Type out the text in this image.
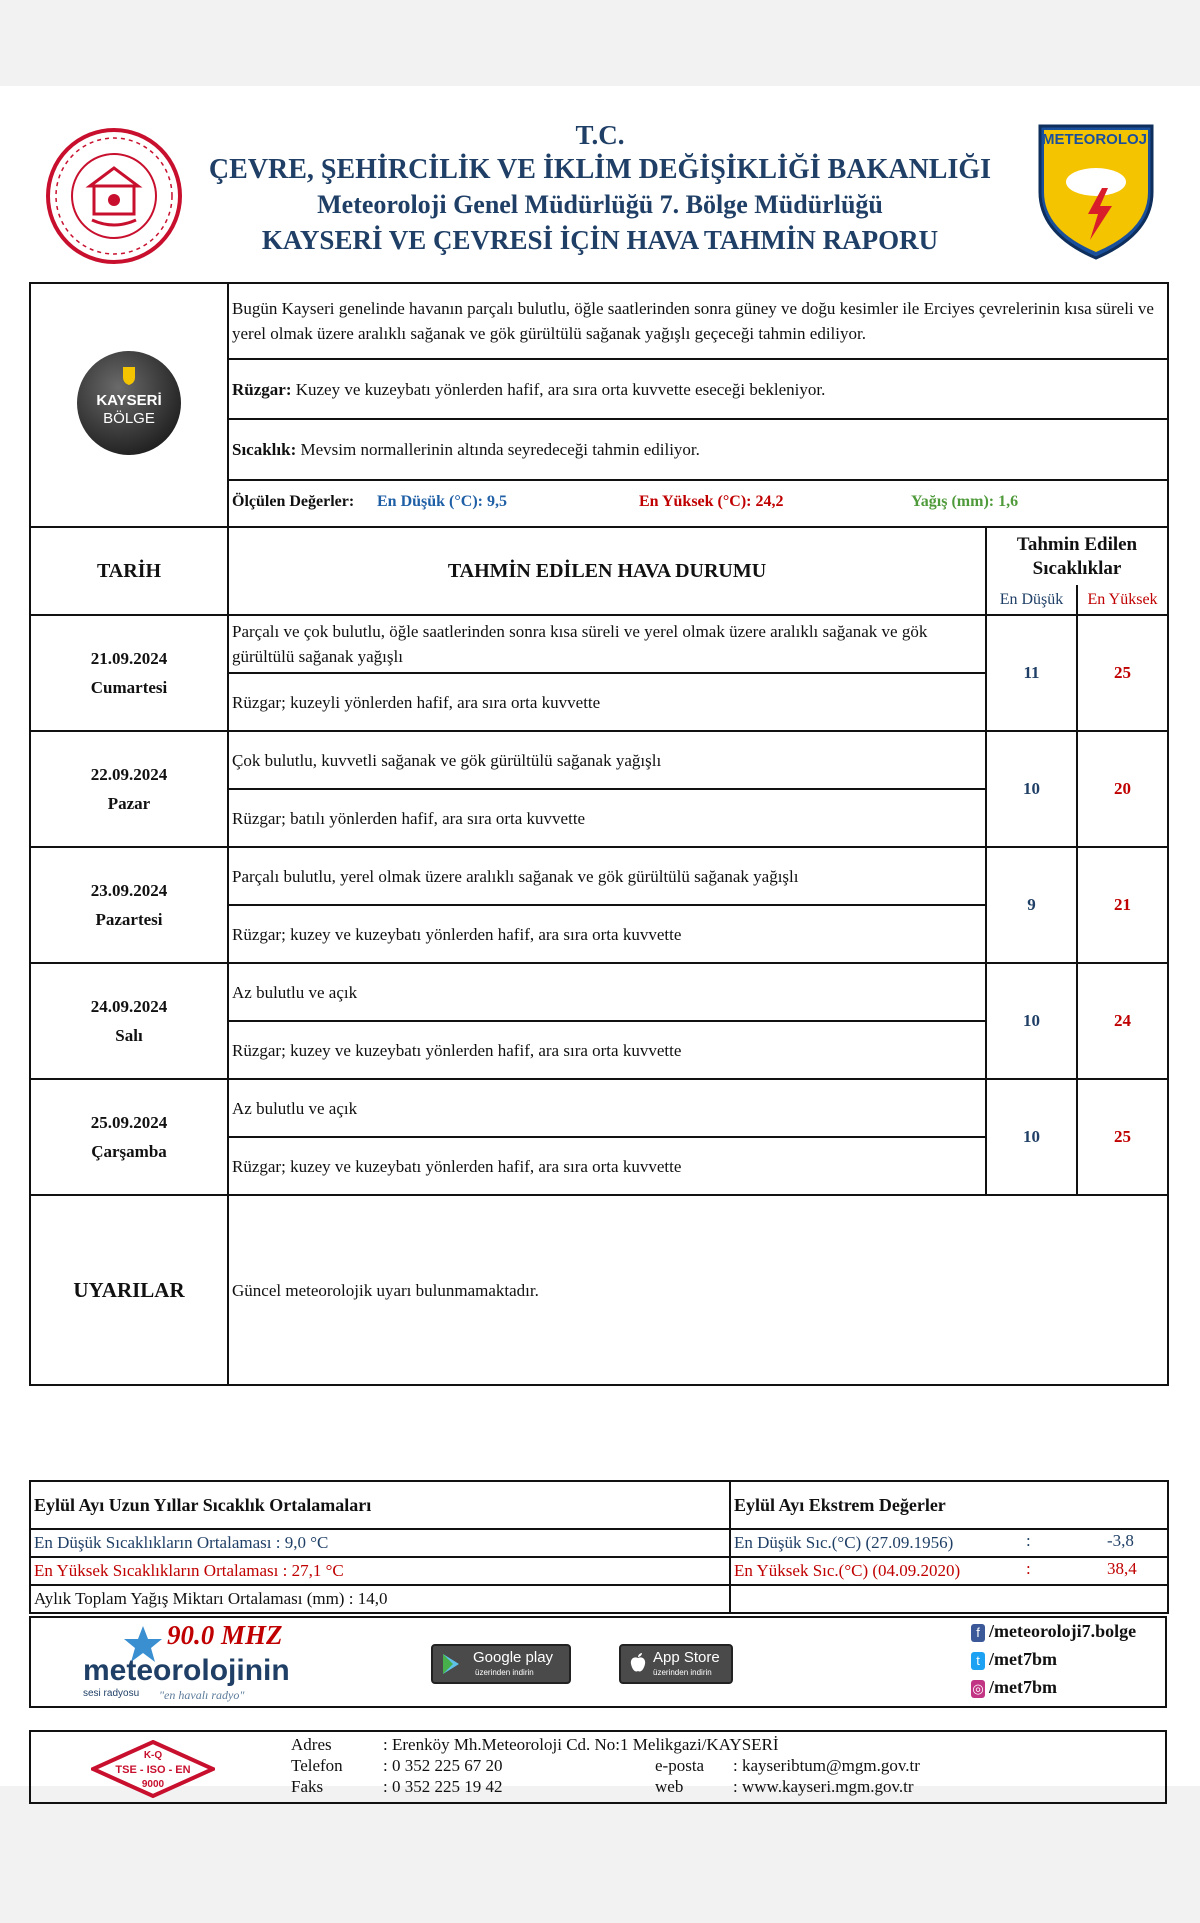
T.C.
ÇEVRE, ŞEHİRCİLİK VE İKLİM DEĞİŞİKLİĞİ BAKANLIĞI
Meteoroloji Genel Müdürlüğü 7. Bölge Müdürlüğü
KAYSERİ VE ÇEVRESİ İÇİN HAVA TAHMİN RAPORU
METEOROLOJİ
KAYSERİ
BÖLGE	Bugün Kayseri genelinde havanın parçalı bulutlu, öğle saatlerinden sonra güney ve doğu kesimler ile Erciyes çevrelerinin kısa süreli ve yerel olmak üzere aralıklı sağanak ve gök gürültülü sağanak yağışlı geçeceği tahmin ediliyor.		
	Rüzgar: Kuzey ve kuzeybatı yönlerden hafif, ara sıra orta kuvvette eseceği bekleniyor.		
	Sıcaklık: Mevsim normallerinin altında seyredeceği tahmin ediliyor.		

	Ölçülen Değerler: En Düşük (°C): 9,5 En Yüksek (°C): 24,2 Yağış (mm): 1,6		

TARİH	TAHMİN EDİLEN HAVA DURUMU	Tahmin Edilen Sıcaklıklar	
		En Düşük	En Yüksek

21.09.2024
Cumartesi	Parçalı ve çok bulutlu, öğle saatlerinden sonra kısa süreli ve yerel olmak üzere aralıklı sağanak ve gök gürültülü sağanak yağışlı	11	25
	Rüzgar; kuzeyli yönlerden hafif, ara sıra orta kuvvette		

22.09.2024
Pazar	Çok bulutlu, kuvvetli sağanak ve gök gürültülü sağanak yağışlı	10	20
	Rüzgar; batılı yönlerden hafif, ara sıra orta kuvvette		

23.09.2024
Pazartesi	Parçalı bulutlu, yerel olmak üzere aralıklı sağanak ve gök gürültülü sağanak yağışlı	9	21
	Rüzgar; kuzey ve kuzeybatı yönlerden hafif, ara sıra orta kuvvette		

24.09.2024
Salı	Az bulutlu ve açık	10	24
	Rüzgar; kuzey ve kuzeybatı yönlerden hafif, ara sıra orta kuvvette		

25.09.2024
Çarşamba	Az bulutlu ve açık	10	25
	Rüzgar; kuzey ve kuzeybatı yönlerden hafif, ara sıra orta kuvvette		
UYARILAR	Güncel meteorolojik uyarı bulunmamaktadır.		
Eylül Ayı Uzun Yıllar Sıcaklık Ortalamaları	Eylül Ayı Ekstrem Değerler
En Düşük Sıcaklıkların Ortalaması : 9,0 °C	En Düşük Sıc.(°C) (27.09.1956) : -3,8

En Yüksek Sıcaklıkların Ortalaması : 27,1 °C	En Yüksek Sıc.(°C) (04.09.2020) : 38,4

Aylık Toplam Yağış Miktarı Ortalaması (mm) : 14,0	
90.0 MHZ
meteorolojinin
sesi radyosu "en havalı radyo"
Google play
üzerinden indirin
App Store
üzerinden indirin
f /meteoroloji7.bolge
t /met7bm
◎ /met7bm
K-Q
TSE - ISO - EN
9000
Adres	: Erenköy Mh.Meteoroloji Cd. No:1 Melikgazi/KAYSERİ
Telefon : 0 352 225 67 20
Faks	: 0 352 225 19 42
e-posta : kayseribtum@mgm.gov.tr
web	: www.kayseri.mgm.gov.tr
